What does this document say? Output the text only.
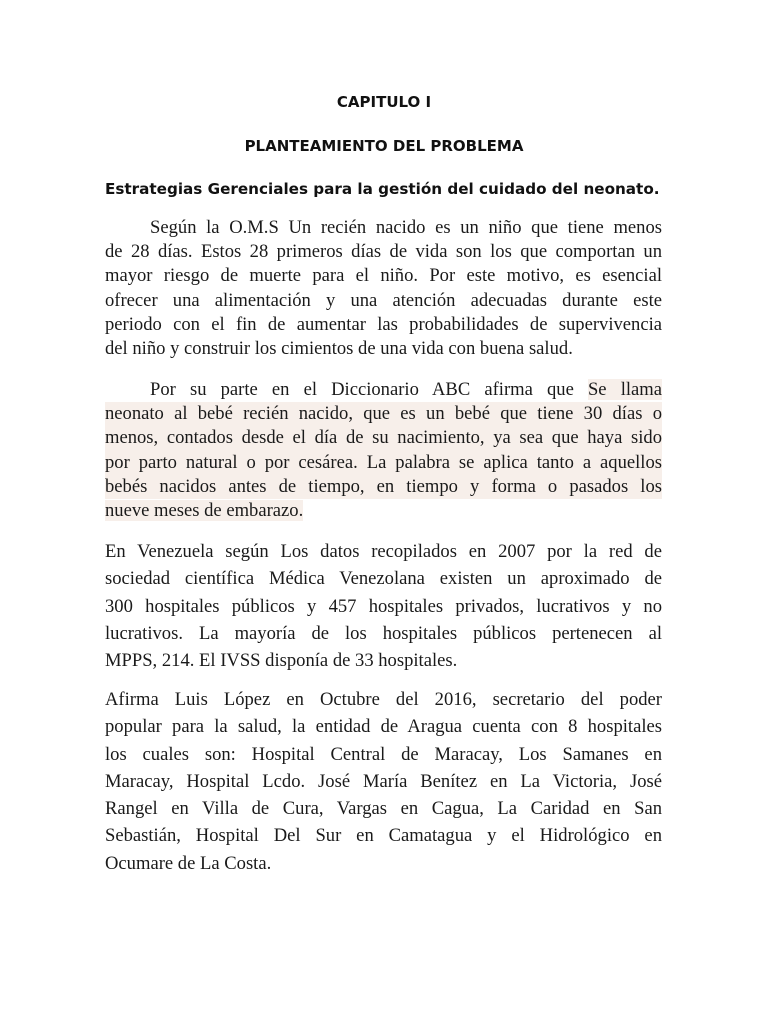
CAPITULO I
PLANTEAMIENTO DEL PROBLEMA
Estrategias Gerenciales para la gestión del cuidado del neonato.
Según la O.M.S Un recién nacido es un niño que tiene menos
de 28 días. Estos 28 primeros días de vida son los que comportan un
mayor riesgo de muerte para el niño. Por este motivo, es esencial
ofrecer una alimentación y una atención adecuadas durante este
periodo con el fin de aumentar las probabilidades de supervivencia
del niño y construir los cimientos de una vida con buena salud.
Por su parte en el Diccionario ABC afirma que Se llama
neonato al bebé recién nacido, que es un bebé que tiene 30 días o
menos, contados desde el día de su nacimiento, ya sea que haya sido
por parto natural o por cesárea. La palabra se aplica tanto a aquellos
bebés nacidos antes de tiempo, en tiempo y forma o pasados los
nueve meses de embarazo.
En Venezuela según Los datos recopilados en 2007 por la red de
sociedad científica Médica Venezolana existen un aproximado de
300 hospitales públicos y 457 hospitales privados, lucrativos y no
lucrativos. La mayoría de los hospitales públicos pertenecen al
MPPS, 214. El IVSS disponía de 33 hospitales.
Afirma Luis López en Octubre del 2016, secretario del poder
popular para la salud, la entidad de Aragua cuenta con 8 hospitales
los cuales son: Hospital Central de Maracay, Los Samanes en
Maracay, Hospital Lcdo. José María Benítez en La Victoria, José
Rangel en Villa de Cura, Vargas en Cagua, La Caridad en San
Sebastián, Hospital Del Sur en Camatagua y el Hidrológico en
Ocumare de La Costa.
